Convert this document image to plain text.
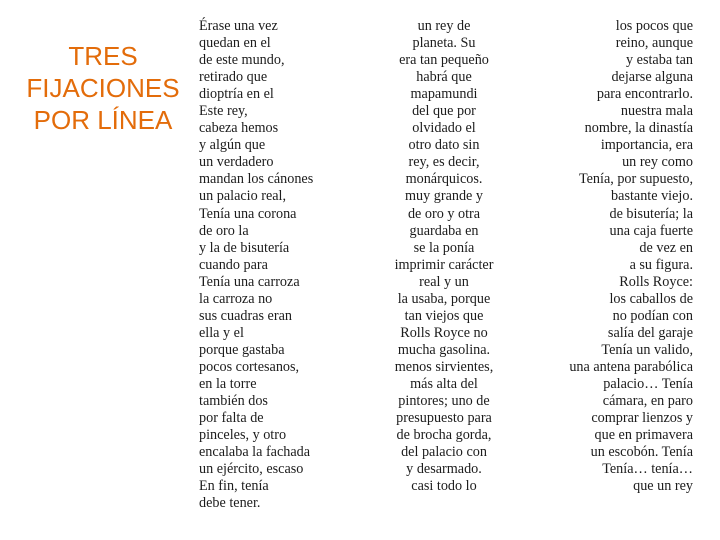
TRES
FIJACIONES
POR LÍNEA
Érase una vez
quedan en el
de este mundo,
retirado que
dioptría en el
Este rey,
cabeza hemos
y algún que
un verdadero
mandan los cánones
un palacio real,
Tenía una corona
de oro la
y la de bisutería
cuando para
Tenía una carroza
la carroza no
sus cuadras eran
ella y el
porque gastaba
pocos cortesanos,
en la torre
también dos
por falta de
pinceles, y otro
encalaba la fachada
un ejército, escaso
En fin, tenía
debe tener.
un rey de
planeta. Su
era tan pequeño
habrá que
mapamundi
del que por
olvidado el
otro dato sin
rey, es decir,
monárquicos.
muy grande y
de oro y otra
guardaba en
se la ponía
imprimir carácter
real y un
la usaba, porque
tan viejos que
Rolls Royce no
mucha gasolina.
menos sirvientes,
más alta del
pintores; uno de
presupuesto para
de brocha gorda,
del palacio con
y desarmado.
casi todo lo
los pocos que
reino, aunque
y estaba tan
dejarse alguna
para encontrarlo.
nuestra mala
nombre, la dinastía
importancia, era
un rey como
Tenía, por supuesto,
bastante viejo.
de bisutería; la
una caja fuerte
de vez en
a su figura.
Rolls Royce:
los caballos de
no podían con
salía del garaje
Tenía un valido,
una antena parabólica
palacio… Tenía
cámara, en paro
comprar lienzos y
que en primavera
un escobón. Tenía
Tenía… tenía…
que un rey
